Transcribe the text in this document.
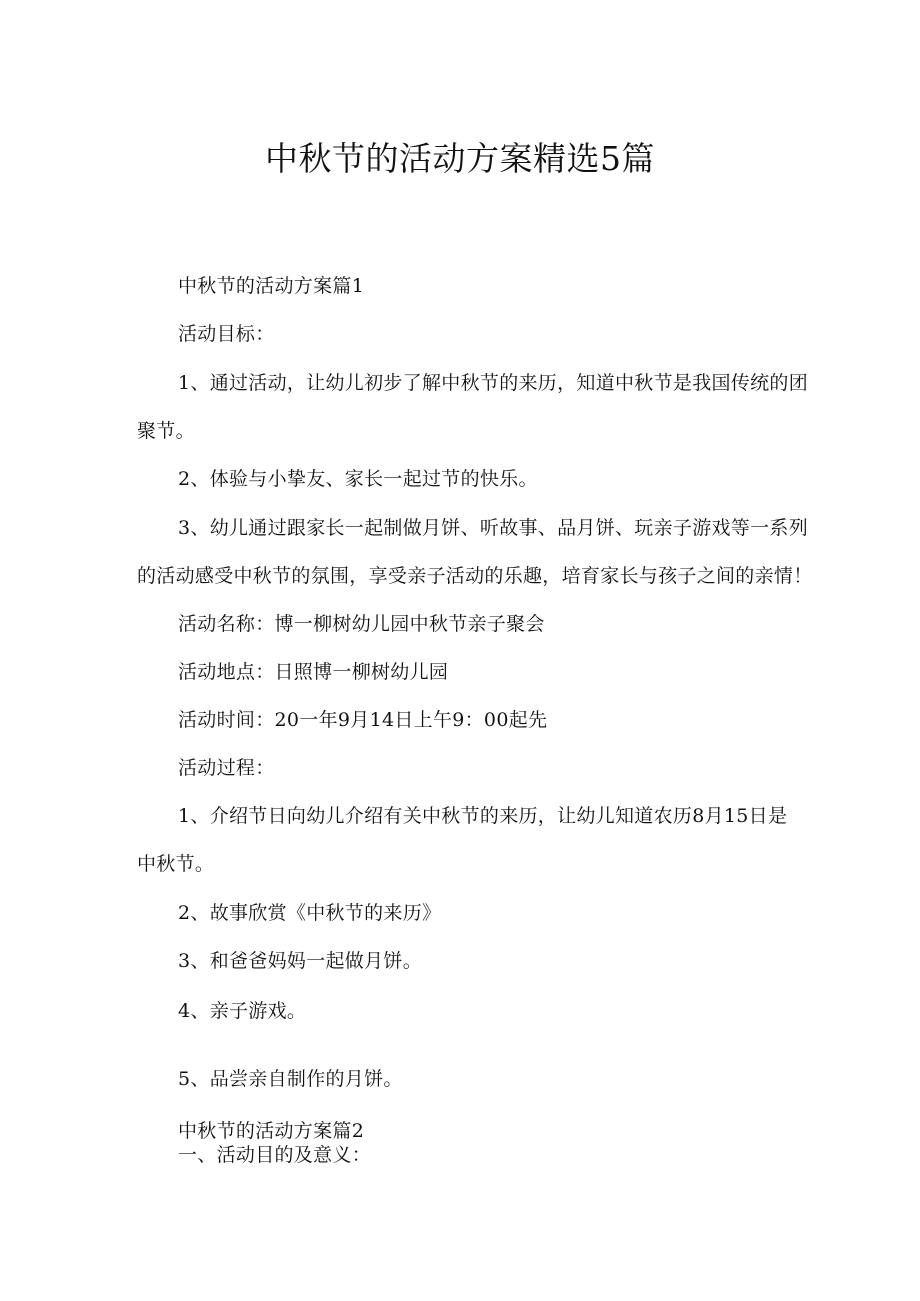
中秋节的活动方案精选5篇
中秋节的活动方案篇1
活动目标：
1、通过活动，让幼儿初步了解中秋节的来历，知道中秋节是我国传统的团
聚节。
2、体验与小挚友、家长一起过节的快乐。
3、幼儿通过跟家长一起制做月饼、听故事、品月饼、玩亲子游戏等一系列
的活动感受中秋节的氛围，享受亲子活动的乐趣，培育家长与孩子之间的亲情！
活动名称：博一柳树幼儿园中秋节亲子聚会
活动地点：日照博一柳树幼儿园
活动时间：20一年9月14日上午9：00起先
活动过程：
1、介绍节日向幼儿介绍有关中秋节的来历，让幼儿知道农历8月15日是
中秋节。
2、故事欣赏《中秋节的来历》
3、和爸爸妈妈一起做月饼。
4、亲子游戏。
5、品尝亲自制作的月饼。
中秋节的活动方案篇2
一、活动目的及意义：
